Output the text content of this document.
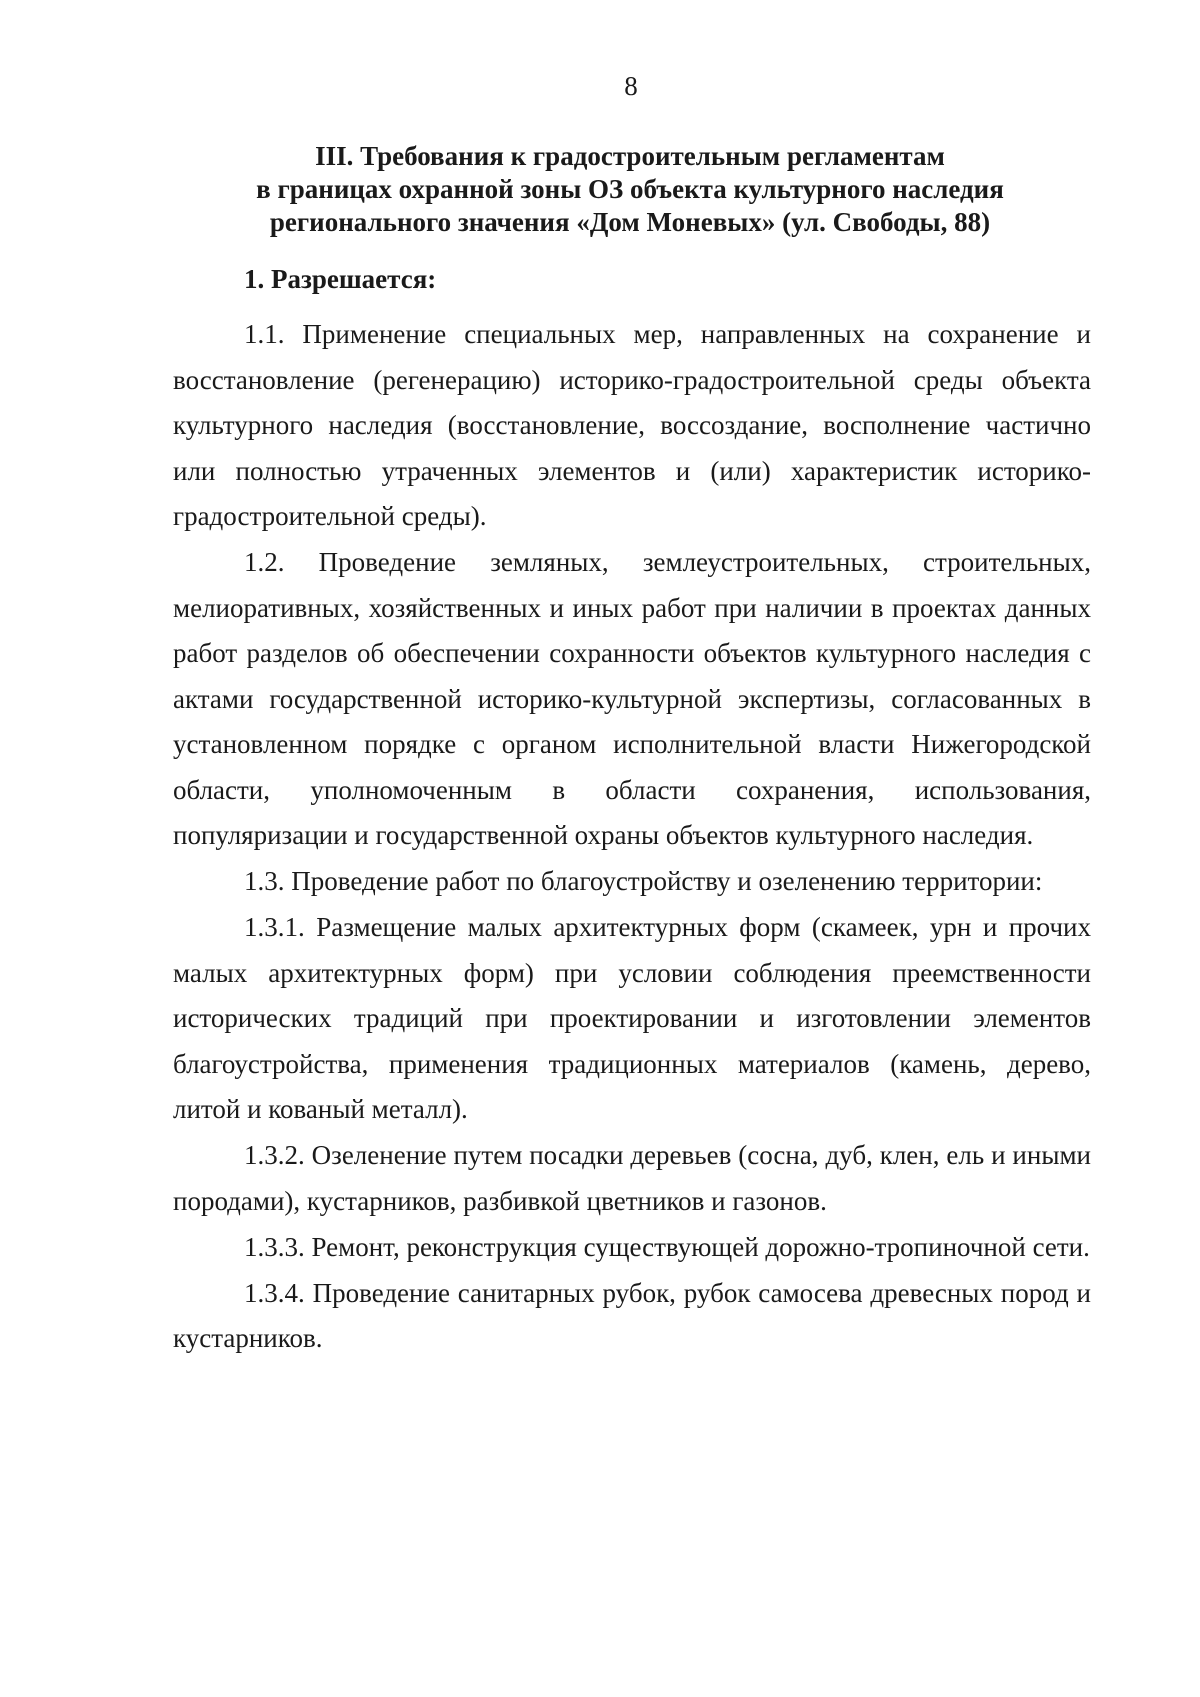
8
III. Требования к градостроительным регламентам
в границах охранной зоны ОЗ объекта культурного наследия
регионального значения «Дом Моневых» (ул. Свободы, 88)
1. Разрешается:

1.1. Применение специальных мер, направленных на сохранение и восстановление (регенерацию) историко-градостроительной среды объекта культурного наследия (восстановление, воссоздание, восполнение частично или полностью утраченных элементов и (или) характеристик историко-градостроительной среды).

1.2. Проведение земляных, землеустроительных, строительных, мелиоративных, хозяйственных и иных работ при наличии в проектах данных работ разделов об обеспечении сохранности объектов культурного наследия с актами государственной историко-культурной экспертизы, согласованных в установленном порядке с органом исполнительной власти Нижегородской области, уполномоченным в области сохранения, использования, популяризации и государственной охраны объектов культурного наследия.

1.3. Проведение работ по благоустройству и озеленению территории:

1.3.1. Размещение малых архитектурных форм (скамеек, урн и прочих малых архитектурных форм) при условии соблюдения преемственности исторических традиций при проектировании и изготовлении элементов благоустройства, применения традиционных материалов (камень, дерево, литой и кованый металл).

1.3.2. Озеленение путем посадки деревьев (сосна, дуб, клен, ель и иными породами), кустарников, разбивкой цветников и газонов.

1.3.3. Ремонт, реконструкция существующей дорожно-тропиночной сети.

1.3.4. Проведение санитарных рубок, рубок самосева древесных пород и кустарников.
